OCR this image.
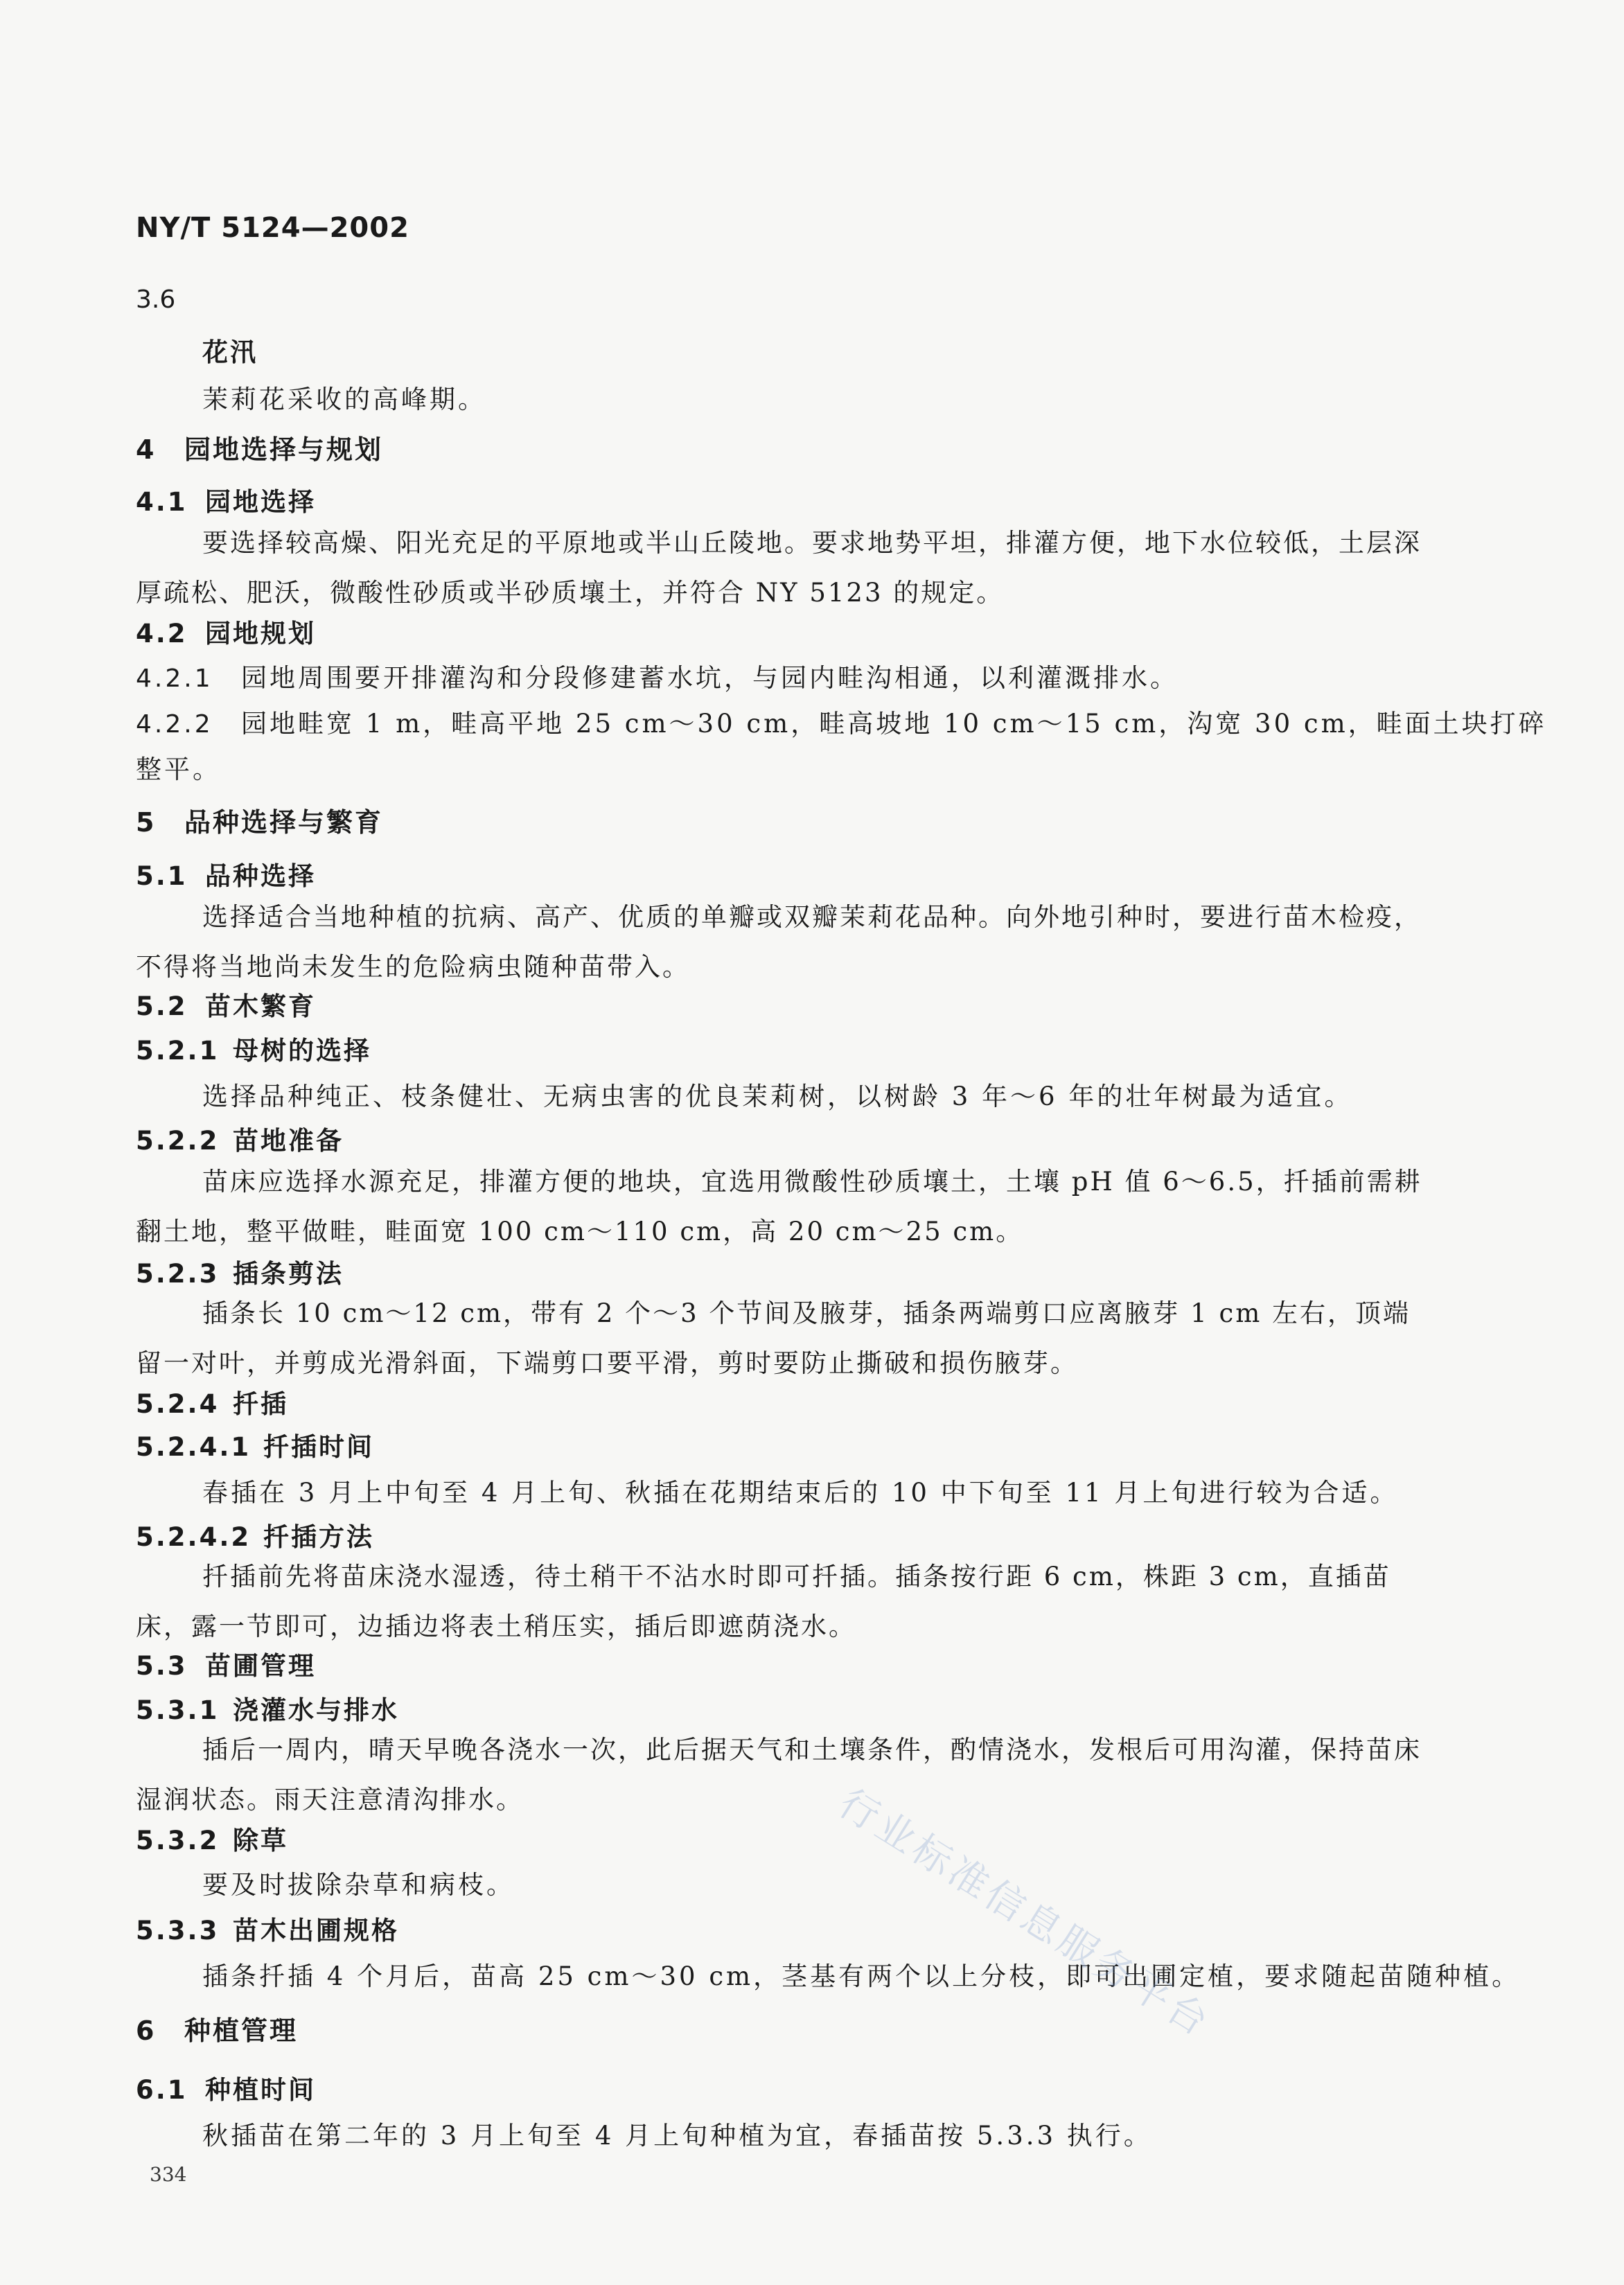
NY/T 5124—2002
3.6
花汛
茉莉花采收的高峰期。
4 园地选择与规划
4.1 园地选择
要选择较高燥、阳光充足的平原地或半山丘陵地。要求地势平坦，排灌方便，地下水位较低，土层深厚疏松、肥沃，微酸性砂质或半砂质壤土，并符合 NY 5123 的规定。
4.2 园地规划
4.2.1 园地周围要开排灌沟和分段修建蓄水坑，与园内畦沟相通，以利灌溉排水。
4.2.2 园地畦宽 1 m，畦高平地 25 cm～30 cm，畦高坡地 10 cm～15 cm，沟宽 30 cm，畦面土块打碎
整平。
5 品种选择与繁育
5.1 品种选择
选择适合当地种植的抗病、高产、优质的单瓣或双瓣茉莉花品种。向外地引种时，要进行苗木检疫，不得将当地尚未发生的危险病虫随种苗带入。
5.2 苗木繁育
5.2.1 母树的选择
选择品种纯正、枝条健壮、无病虫害的优良茉莉树，以树龄 3 年～6 年的壮年树最为适宜。
5.2.2 苗地准备
苗床应选择水源充足，排灌方便的地块，宜选用微酸性砂质壤土，土壤 pH 值 6～6.5，扦插前需耕翻土地，整平做畦，畦面宽 100 cm～110 cm，高 20 cm～25 cm。
5.2.3 插条剪法
插条长 10 cm～12 cm，带有 2 个～3 个节间及腋芽，插条两端剪口应离腋芽 1 cm 左右，顶端留一对叶，并剪成光滑斜面，下端剪口要平滑，剪时要防止撕破和损伤腋芽。
5.2.4 扦插
5.2.4.1 扦插时间
春插在 3 月上中旬至 4 月上旬、秋插在花期结束后的 10 中下旬至 11 月上旬进行较为合适。
5.2.4.2 扦插方法
扦插前先将苗床浇水湿透，待土稍干不沾水时即可扦插。插条按行距 6 cm，株距 3 cm，直插苗床，露一节即可，边插边将表土稍压实，插后即遮荫浇水。
5.3 苗圃管理
5.3.1 浇灌水与排水
插后一周内，晴天早晚各浇水一次，此后据天气和土壤条件，酌情浇水，发根后可用沟灌，保持苗床湿润状态。雨天注意清沟排水。
5.3.2 除草
要及时拔除杂草和病枝。
5.3.3 苗木出圃规格
插条扦插 4 个月后，苗高 25 cm～30 cm，茎基有两个以上分枝，即可出圃定植，要求随起苗随种植。
6 种植管理
6.1 种植时间
秋插苗在第二年的 3 月上旬至 4 月上旬种植为宜，春插苗按 5.3.3 执行。
行业标准信息服务平台
334
